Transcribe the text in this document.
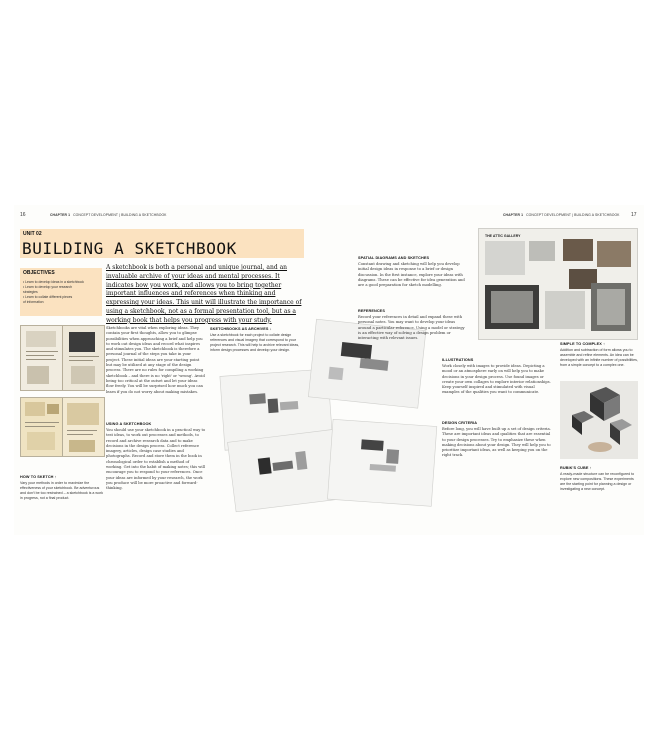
16	CHAPTER 1 CONCEPT DEVELOPMENT | BUILDING A SKETCHBOOK	CHAPTER 1 CONCEPT DEVELOPMENT | BUILDING A SKETCHBOOK 17
UNIT 02
BUILDING A SKETCHBOOK
OBJECTIVES
• Learn to develop ideas in a sketchbook
• Learn to develop your research
strategies
• Learn to collate different pieces
of information
A sketchbook is both a personal and unique journal, and an invaluable archive of your ideas and mental processes. It indicates how you work, and allows you to bring together important influences and references when thinking and expressing your ideas. This unit will illustrate the importance of using a sketchbook, not as a formal presentation tool, but as a working book that helps you progress with your study.
Sketchbooks are vital when exploring ideas. They contain your first thoughts, allow you to glimpse possibilities when approaching a brief and help you to work out design ideas and record what inspires and stimulates you. The sketchbook is therefore a personal journal of the steps you take in your project. These initial ideas are your starting point but may be utilized at any stage of the design process. There are no rules for compiling a working sketchbook – and there is no 'right' or 'wrong'. Avoid being too critical at the outset and let your ideas flow freely. You will be surprised how much you can learn if you do not worry about making mistakes.
USING A SKETCHBOOK
You should use your sketchbook in a practical way to test ideas, to work out processes and methods, to record and archive research data and to make decisions in the design process. Collect reference imagery, articles, design case studies and photographs. Record and store them in the book in chronological order to establish a method of working. Get into the habit of making notes; this will encourage you to respond to your references. Once your ideas are informed by your research, the work you produce will be more proactive and forward-thinking.
SKETCHBOOKS AS ARCHIVES ↓
Use a sketchbook for each project to collate design references and visual imagery that correspond to your project research. This will help to archive relevant ideas, inform design processes and develop your design.
HOW TO SKETCH ↑
Vary your methods in order to maximize the effectiveness of your sketchbook. Be adventurous and don't be too restrained – a sketchbook is a work in progress, not a final product.
SPATIAL DIAGRAMS AND SKETCHES
Constant drawing and sketching will help you develop initial design ideas in response to a brief or design discussion. In the first instance, explore your ideas with diagrams. These can be effective for idea generation and are a good preparation for sketch modelling.
REFERENCES
Record your references in detail and expand these with personal notes. You may want to develop your ideas around a particular reference. Using a model or strategy is an effective way of solving a design problem or interacting with relevant issues.
ILLUSTRATIONS
Work closely with images to provide ideas. Depicting a mood or an atmosphere early on will help you to make decisions in your design process. Use found images or create your own collages to explore interior relationships. Keep yourself inspired and stimulated with visual examples of the qualities you want to communicate.
DESIGN CRITERIA
Before long, you will have built up a set of design criteria. These are important ideas and qualities that are essential to your design processes. Try to emphasize these when making decisions about your design. They will help you to prioritize important ideas, as well as keeping you on the right track.
THE ATTIC GALLERY
SIMPLE TO COMPLEX ↑
Addition and subtraction of form allows you to assemble and refine elements. An idea can be developed with an infinite number of possibilities, from a simple concept to a complex one.
RUBIK'S CUBE ↑
A ready-made structure can be reconfigured to explore new compositions. These experiments are the starting point for planning a design or investigating a new concept.
